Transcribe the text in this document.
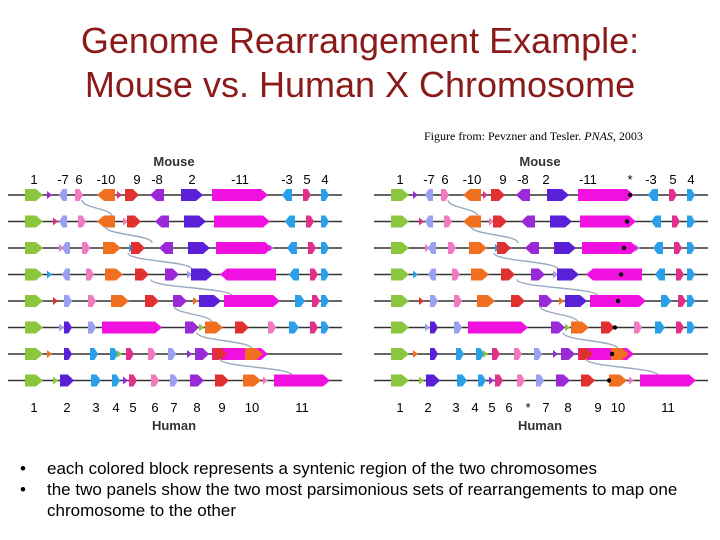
Genome Rearrangement Example:
Mouse vs. Human X Chromosome
Figure from: Pevzner and Tesler. PNAS, 2003
Mouse
1 -7 6 -10 9 -8 2	-11 -3 5 4
1 2 3 4 5 6 7 8 9 10	11
Human
Mouse
1 -7 6 -10 9 -8 2 -11 * -3 5 4
1 2 3 4 5 6 * 7 8 9 10	11
Human
• each colored block represents a syntenic region of the two chromosomes
• the two panels show the two most parsimonious sets of rearrangements to map one chromosome to the other
